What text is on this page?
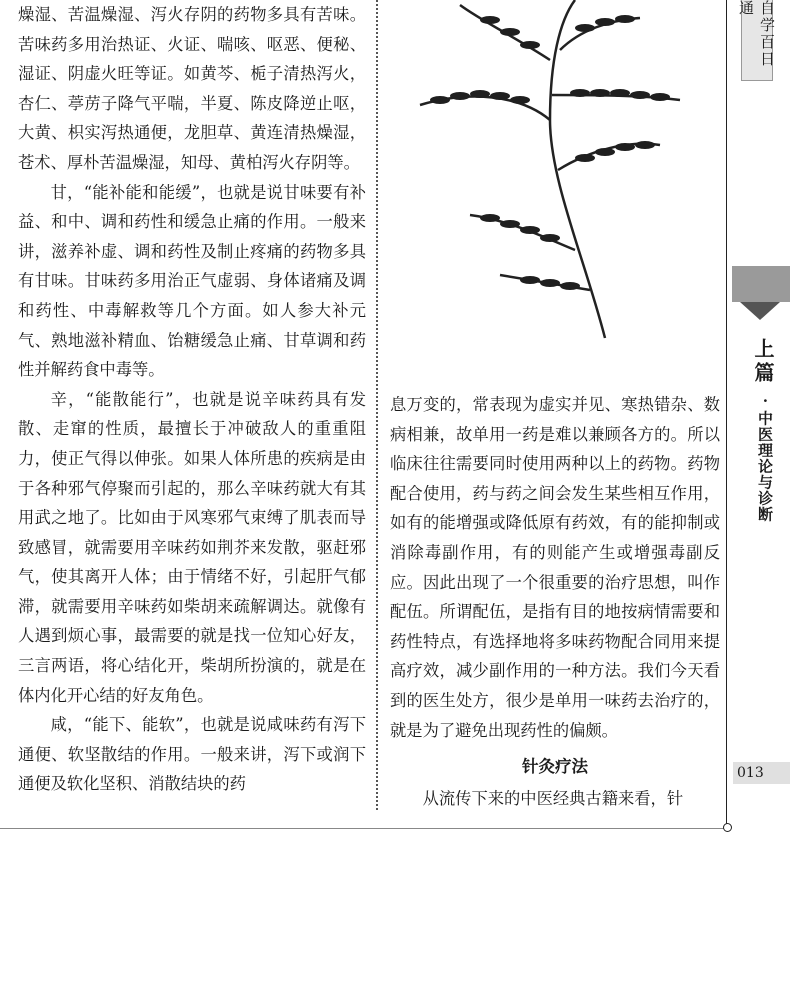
燥湿、苦温燥湿、泻火存阴的药物多具有苦味。苦味药多用治热证、火证、喘咳、呕恶、便秘、湿证、阴虚火旺等证。如黄芩、栀子清热泻火，杏仁、葶苈子降气平喘，半夏、陈皮降逆止呕，大黄、枳实泻热通便，龙胆草、黄连清热燥湿，苍术、厚朴苦温燥湿，知母、黄柏泻火存阴等。

甘，“能补能和能缓”，也就是说甘味要有补益、和中、调和药性和缓急止痛的作用。一般来讲，滋养补虚、调和药性及制止疼痛的药物多具有甘味。甘味药多用治正气虚弱、身体诸痛及调和药性、中毒解救等几个方面。如人参大补元气、熟地滋补精血、饴糖缓急止痛、甘草调和药性并解药食中毒等。

辛，“能散能行”，也就是说辛味药具有发散、走窜的性质，最擅长于冲破敌人的重重阻力，使正气得以伸张。如果人体所患的疾病是由于各种邪气停聚而引起的，那么辛味药就大有其用武之地了。比如由于风寒邪气束缚了肌表而导致感冒，就需要用辛味药如荆芥来发散，驱赶邪气，使其离开人体；由于情绪不好，引起肝气郁滞，就需要用辛味药如柴胡来疏解调达。就像有人遇到烦心事，最需要的就是找一位知心好友，三言两语，将心结化开，柴胡所扮演的，就是在体内化开心结的好友角色。

咸，“能下、能软”，也就是说咸味药有泻下通便、软坚散结的作用。一般来讲，泻下或润下通便及软化坚积、消散结块的药

息万变的，常表现为虚实并见、寒热错杂、数病相兼，故单用一药是难以兼顾各方的。所以临床往往需要同时使用两种以上的药物。药物配合使用，药与药之间会发生某些相互作用，如有的能增强或降低原有药效，有的能抑制或消除毒副作用，有的则能产生或增强毒副反应。因此出现了一个很重要的治疗思想，叫作配伍。所谓配伍，是指有目的地按病情需要和药性特点，有选择地将多味药物配合同用来提高疗效，减少副作用的一种方法。我们今天看到的医生处方，很少是单用一味药去治疗的，就是为了避免出现药性的偏颇。

针灸疗法

从流传下来的中医经典古籍来看，针

自学百日通
上篇
· 中医理论与诊断
013
